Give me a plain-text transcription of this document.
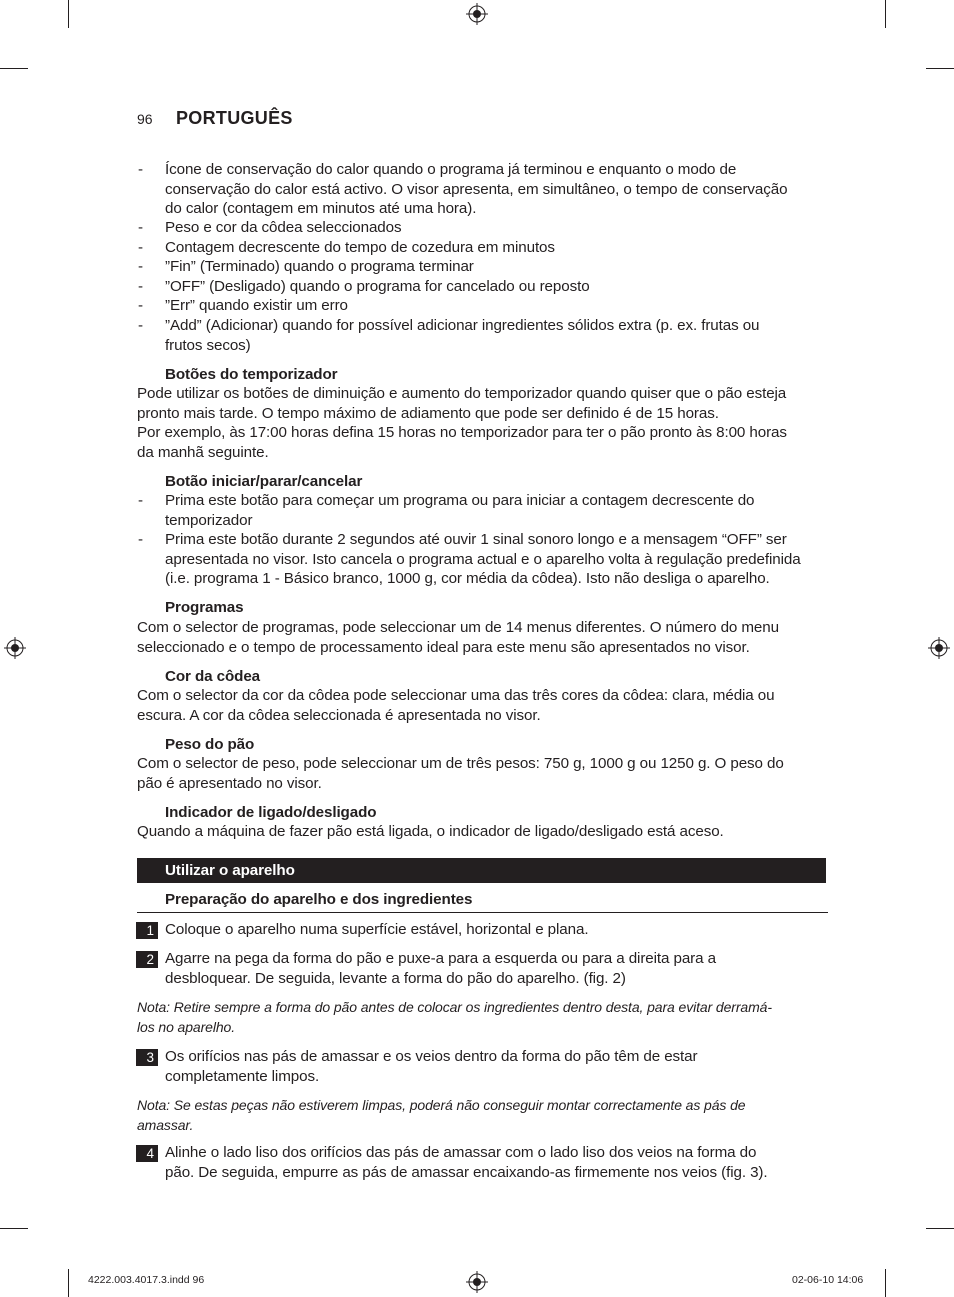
96 PORTUGUÊS
- Ícone de conservação do calor quando o programa já terminou e enquanto o modo de
conservação do calor está activo. O visor apresenta, em simultâneo, o tempo de conservação
do calor (contagem em minutos até uma hora).
- Peso e cor da côdea seleccionados
- Contagem decrescente do tempo de cozedura em minutos
- ”Fin” (Terminado) quando o programa terminar
- ”OFF” (Desligado) quando o programa for cancelado ou reposto
- ”Err” quando existir um erro
- ”Add” (Adicionar) quando for possível adicionar ingredientes sólidos extra (p. ex. frutas ou
frutos secos)
Botões do temporizador
Pode utilizar os botões de diminuição e aumento do temporizador quando quiser que o pão esteja
pronto mais tarde. O tempo máximo de adiamento que pode ser definido é de 15 horas.
Por exemplo, às 17:00 horas defina 15 horas no temporizador para ter o pão pronto às 8:00 horas
da manhã seguinte.
Botão iniciar/parar/cancelar
- Prima este botão para começar um programa ou para iniciar a contagem decrescente do
temporizador
- Prima este botão durante 2 segundos até ouvir 1 sinal sonoro longo e a mensagem “OFF” ser
apresentada no visor. Isto cancela o programa actual e o aparelho volta à regulação predefinida
(i.e. programa 1 - Básico branco, 1000 g, cor média da côdea). Isto não desliga o aparelho.
Programas
Com o selector de programas, pode seleccionar um de 14 menus diferentes. O número do menu
seleccionado e o tempo de processamento ideal para este menu são apresentados no visor.
Cor da côdea
Com o selector da cor da côdea pode seleccionar uma das três cores da côdea: clara, média ou
escura. A cor da côdea seleccionada é apresentada no visor.
Peso do pão
Com o selector de peso, pode seleccionar um de três pesos: 750 g, 1000 g ou 1250 g. O peso do
pão é apresentado no visor.
Indicador de ligado/desligado
Quando a máquina de fazer pão está ligada, o indicador de ligado/desligado está aceso.
Utilizar o aparelho
Preparação do aparelho e dos ingredientes
1 Coloque o aparelho numa superfície estável, horizontal e plana.
2 Agarre na pega da forma do pão e puxe-a para a esquerda ou para a direita para a
desbloquear. De seguida, levante a forma do pão do aparelho. (fig. 2)
Nota: Retire sempre a forma do pão antes de colocar os ingredientes dentro desta, para evitar derramá-
los no aparelho.
3 Os orifícios nas pás de amassar e os veios dentro da forma do pão têm de estar
completamente limpos.
Nota: Se estas peças não estiverem limpas, poderá não conseguir montar correctamente as pás de
amassar.
4 Alinhe o lado liso dos orifícios das pás de amassar com o lado liso dos veios na forma do
pão. De seguida, empurre as pás de amassar encaixando-as firmemente nos veios (fig. 3).
4222.003.4017.3.indd 96	02-06-10 14:06
